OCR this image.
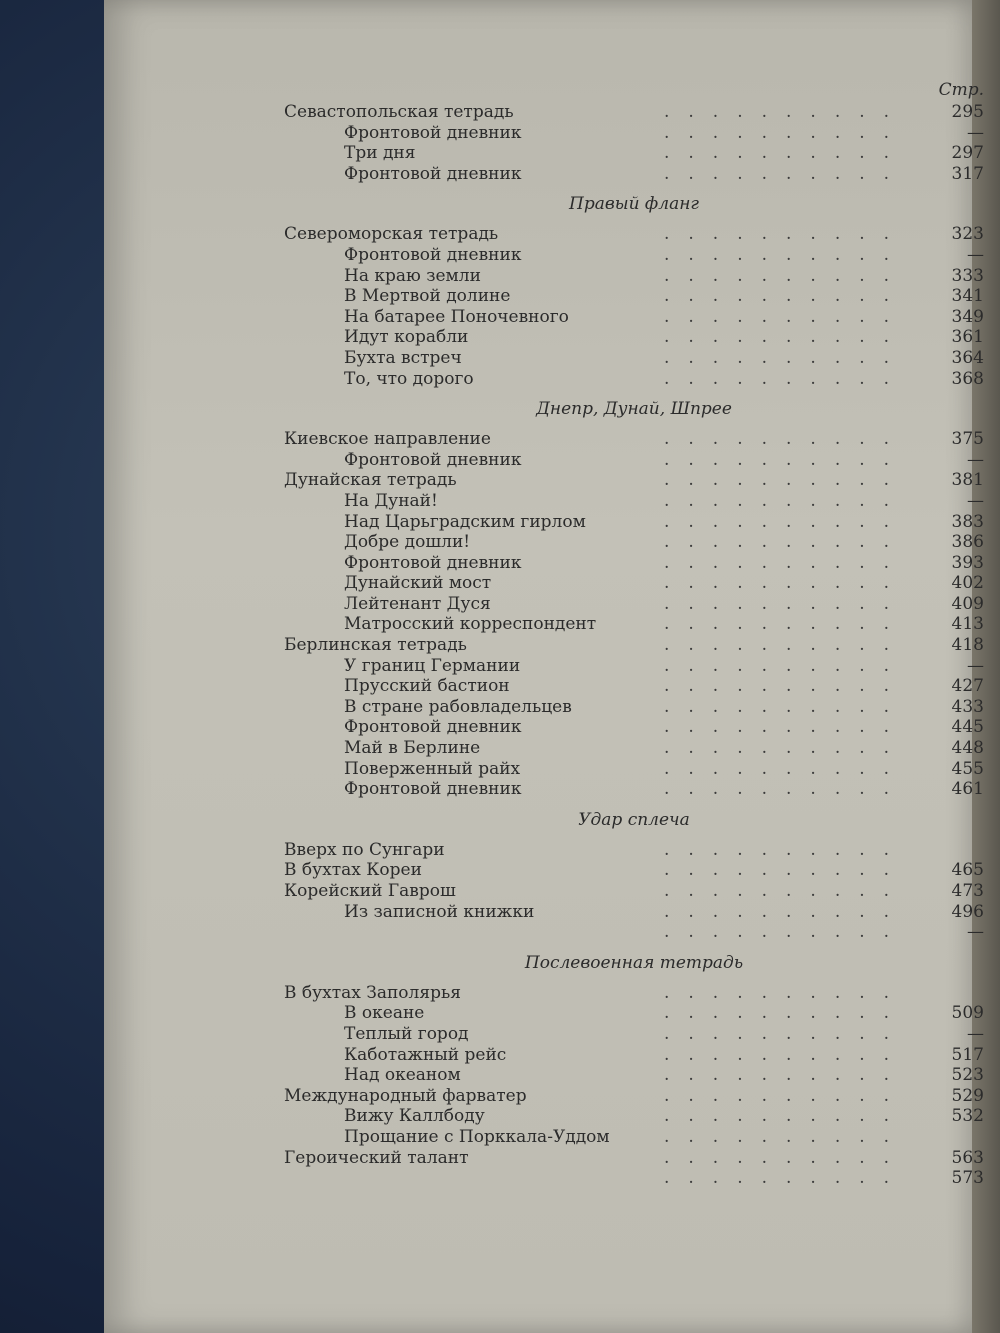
Стр.
Севастопольская тетрадь	..........	295
Фронтовой дневник	..........	—
Три дня	..........	297
Фронтовой дневник	..........	317
Правый фланг
Североморская тетрадь	..........	323
Фронтовой дневник	..........	—
На краю земли	..........	333
В Мертвой долине	..........	341
На батарее Поночевного	..........	349
Идут корабли	..........	361
Бухта встреч	..........	364
То, что дорого	..........	368
Днепр, Дунай, Шпрее
Киевское направление	..........	375
Фронтовой дневник	..........	—
Дунайская тетрадь	..........	381
На Дунай!	..........	—
Над Царьградским гирлом	..........	383
Добре дошли!	..........	386
Фронтовой дневник	..........	393
Дунайский мост	..........	402
Лейтенант Дуся	..........	409
Матросский корреспондент	..........	413
Берлинская тетрадь	..........	418
У границ Германии	..........	—
Прусский бастион	..........	427
В стране рабовладельцев	..........	433
Фронтовой дневник	..........	445
Май в Берлине	..........	448
Поверженный райх	..........	455
Фронтовой дневник	..........	461
Удар сплеча
Вверх по Сунгари	..........
В бухтах Кореи	..........	465
Корейский Гаврош	..........	473
Из записной книжки	..........	496
..........	—
Послевоенная тетрадь
В бухтах Заполярья	..........
В океане	..........	509
Теплый город	..........	—
Каботажный рейс	..........	517
Над океаном	..........	523
Международный фарватер	..........	529
Вижу Каллбоду	..........	532
Прощание с Порккала-Уддом	..........
Героический талант	..........	563
..........	573
